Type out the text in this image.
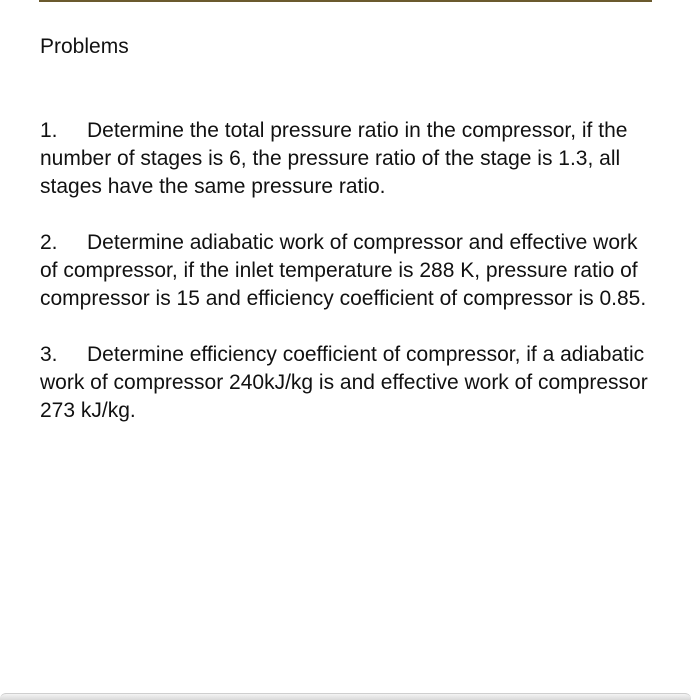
Problems
1. Determine the total pressure ratio in the compressor, if the number of stages is 6, the pressure ratio of the stage is 1.3, all stages have the same pressure ratio.
2. Determine adiabatic work of compressor and effective work of compressor, if the inlet temperature is 288 K, pressure ratio of compressor is 15 and efficiency coefficient of compressor is 0.85.
3. Determine efficiency coefficient of compressor, if a adiabatic work of compressor 240kJ/kg is and effective work of compressor 273 kJ/kg.
